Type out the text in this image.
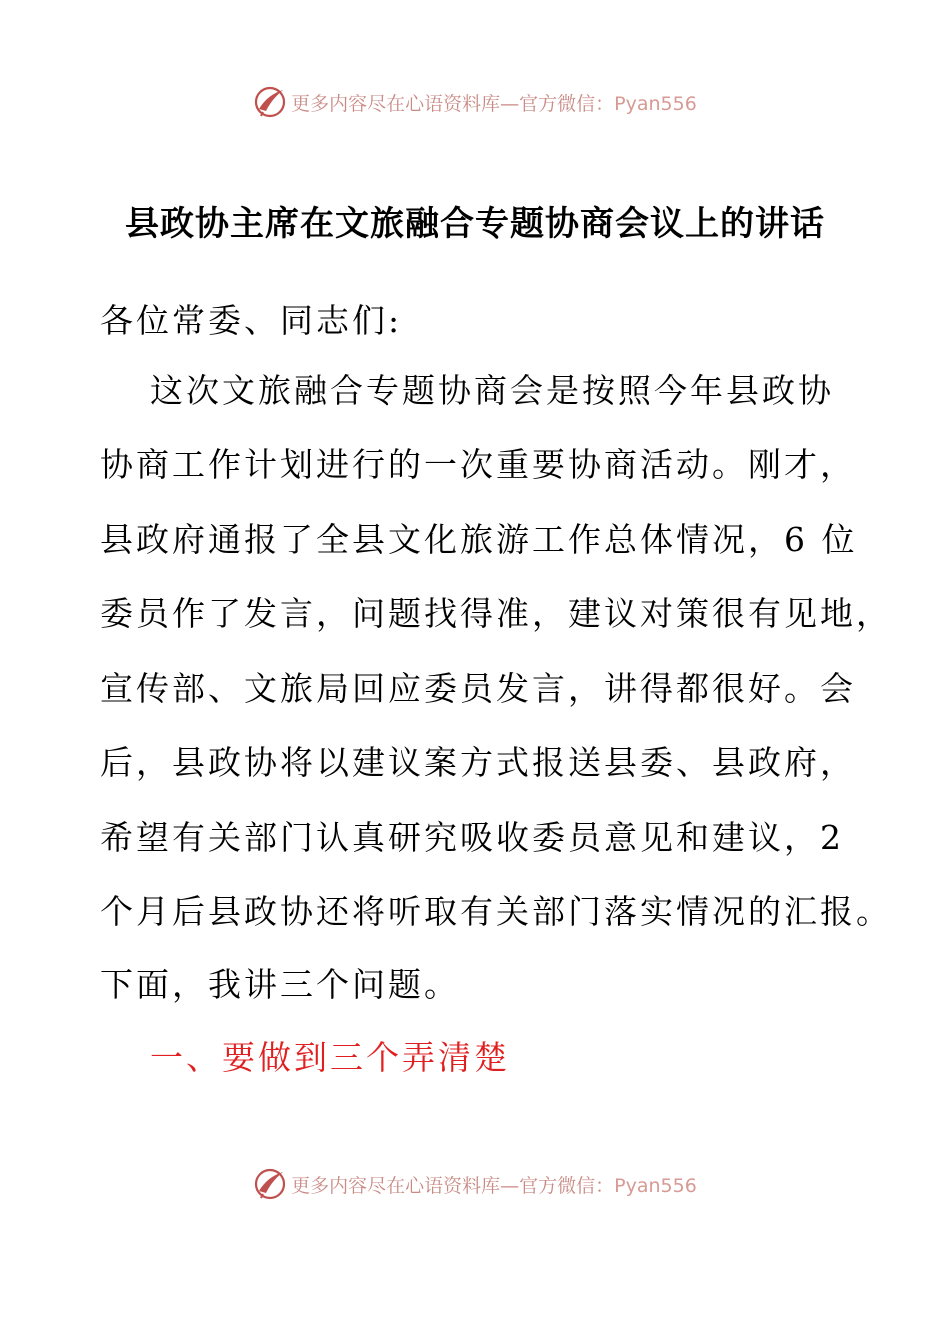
更多内容尽在心语资料库—官方微信：Pyan556
县政协主席在文旅融合专题协商会议上的讲话
各位常委、同志们:
这次文旅融合专题协商会是按照今年县政协
协商工作计划进行的一次重要协商活动。刚才，
县政府通报了全县文化旅游工作总体情况，6 位
委员作了发言，问题找得准，建议对策很有见地，
宣传部、文旅局回应委员发言，讲得都很好。会
后，县政协将以建议案方式报送县委、县政府，
希望有关部门认真研究吸收委员意见和建议，2
个月后县政协还将听取有关部门落实情况的汇报。
下面，我讲三个问题。
一、要做到三个弄清楚
更多内容尽在心语资料库—官方微信：Pyan556
